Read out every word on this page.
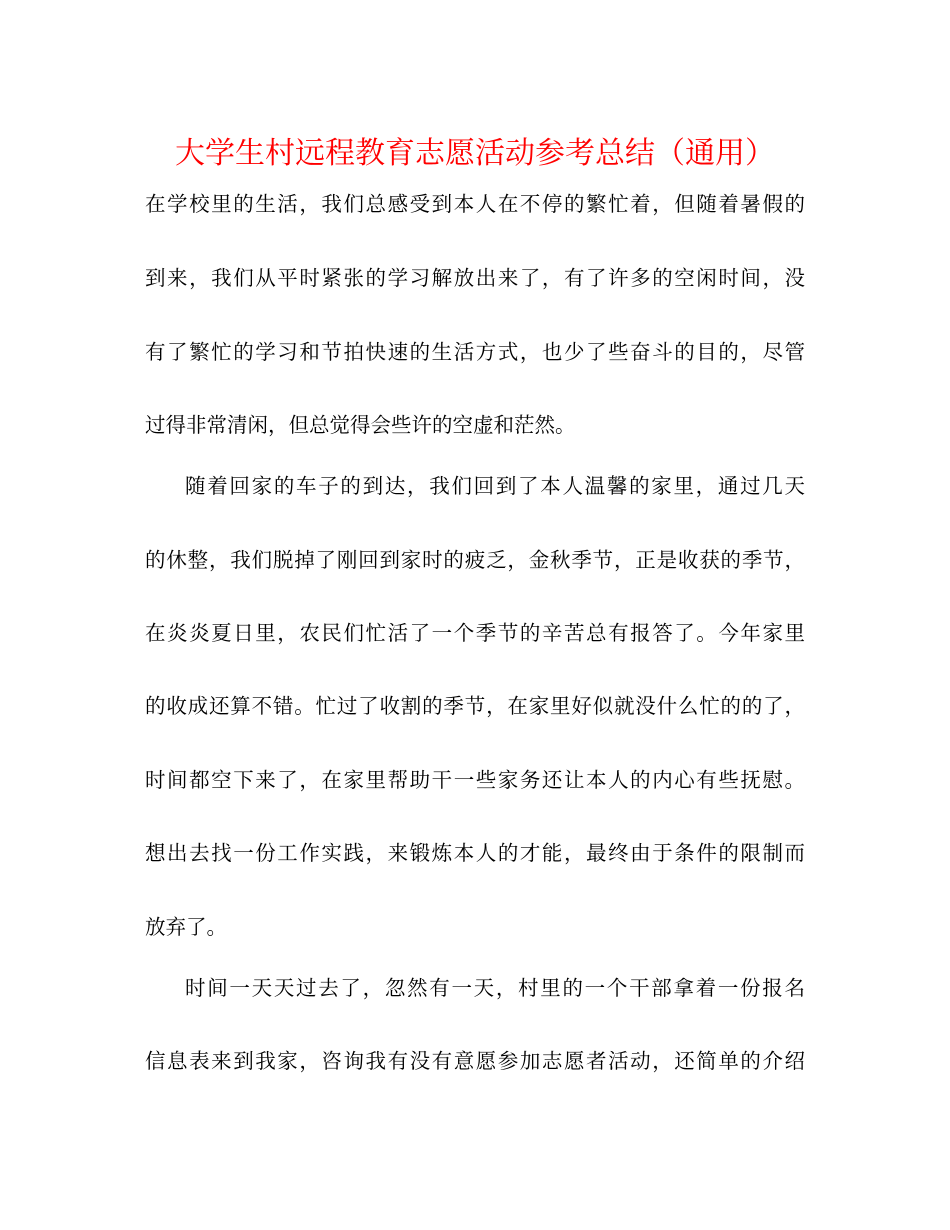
大学生村远程教育志愿活动参考总结（通用）
在学校里的生活，我们总感受到本人在不停的繁忙着，但随着暑假的
到来，我们从平时紧张的学习解放出来了，有了许多的空闲时间，没
有了繁忙的学习和节拍快速的生活方式，也少了些奋斗的目的，尽管
过得非常清闲，但总觉得会些许的空虚和茫然。
随着回家的车子的到达，我们回到了本人温馨的家里，通过几天
的休整，我们脱掉了刚回到家时的疲乏，金秋季节，正是收获的季节，
在炎炎夏日里，农民们忙活了一个季节的辛苦总有报答了。今年家里
的收成还算不错。忙过了收割的季节，在家里好似就没什么忙的的了，
时间都空下来了，在家里帮助干一些家务还让本人的内心有些抚慰。
想出去找一份工作实践，来锻炼本人的才能，最终由于条件的限制而
放弃了。
时间一天天过去了，忽然有一天，村里的一个干部拿着一份报名
信息表来到我家，咨询我有没有意愿参加志愿者活动，还简单的介绍
